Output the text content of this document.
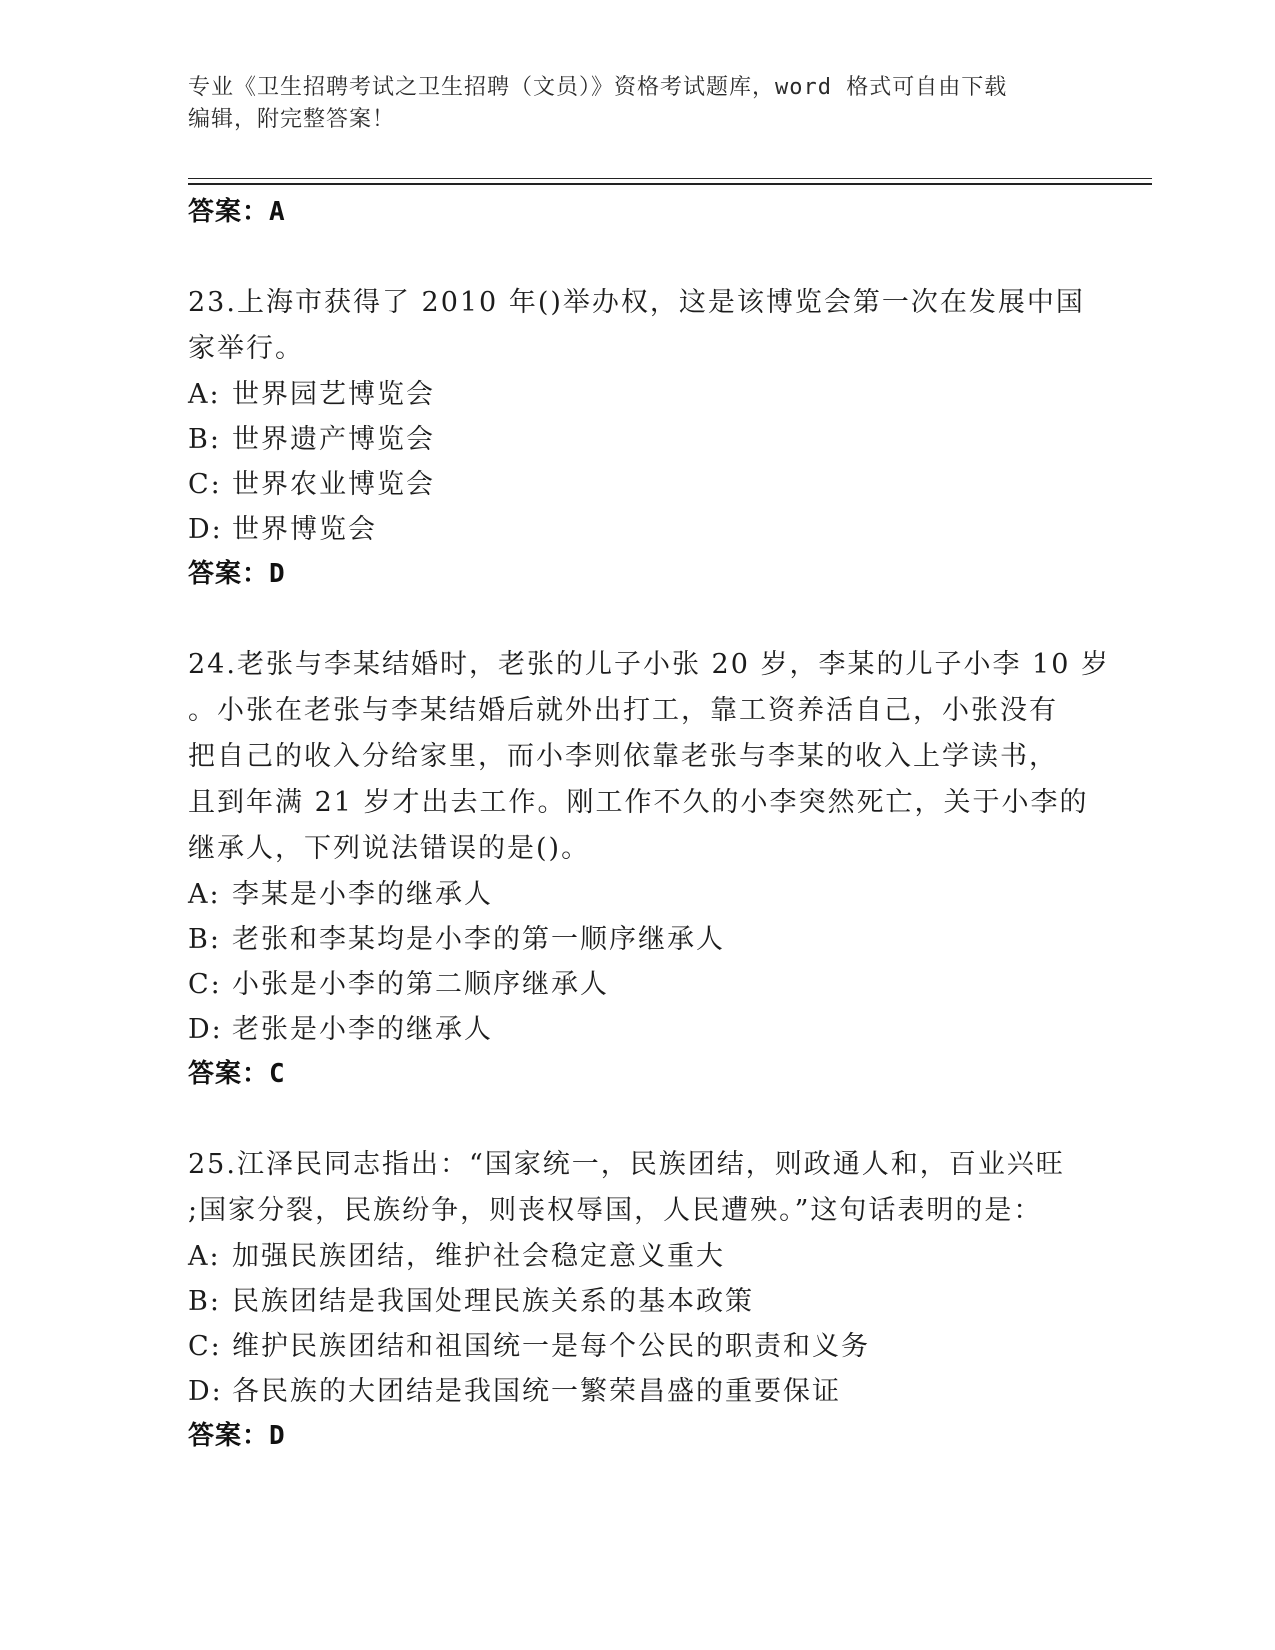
专业《卫生招聘考试之卫生招聘（文员）》资格考试题库，word 格式可自由下载
编辑，附完整答案！
答案：A
23.上海市获得了 2010 年()举办权，这是该博览会第一次在发展中国
家举行。
A: 世界园艺博览会
B: 世界遗产博览会
C: 世界农业博览会
D: 世界博览会
答案：D
24.老张与李某结婚时，老张的儿子小张 20 岁，李某的儿子小李 10 岁
。小张在老张与李某结婚后就外出打工，靠工资养活自己，小张没有
把自己的收入分给家里，而小李则依靠老张与李某的收入上学读书，
且到年满 21 岁才出去工作。刚工作不久的小李突然死亡，关于小李的
继承人，下列说法错误的是()。
A: 李某是小李的继承人
B: 老张和李某均是小李的第一顺序继承人
C: 小张是小李的第二顺序继承人
D: 老张是小李的继承人
答案：C
25.江泽民同志指出：“国家统一，民族团结，则政通人和，百业兴旺
;国家分裂，民族纷争，则丧权辱国，人民遭殃。”这句话表明的是：
A: 加强民族团结，维护社会稳定意义重大
B: 民族团结是我国处理民族关系的基本政策
C: 维护民族团结和祖国统一是每个公民的职责和义务
D: 各民族的大团结是我国统一繁荣昌盛的重要保证
答案：D
